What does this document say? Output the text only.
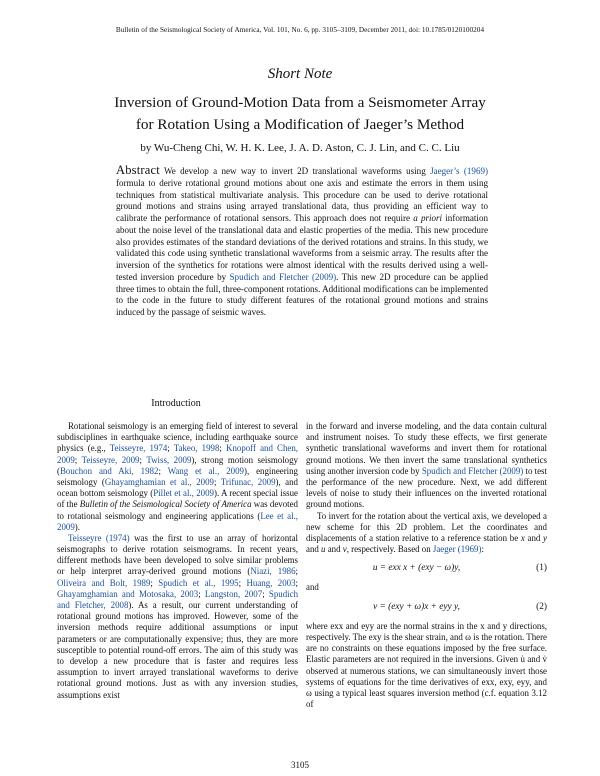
Bulletin of the Seismological Society of America, Vol. 101, No. 6, pp. 3105–3109, December 2011, doi: 10.1785/0120100204
Short Note
Inversion of Ground-Motion Data from a Seismometer Array
for Rotation Using a Modification of Jaeger’s Method
by Wu-Cheng Chi, W. H. K. Lee, J. A. D. Aston, C. J. Lin, and C. C. Liu
Abstract We develop a new way to invert 2D translational waveforms using Jaeger’s (1969) formula to derive rotational ground motions about one axis and estimate the errors in them using techniques from statistical multivariate analysis. This procedure can be used to derive rotational ground motions and strains using arrayed translational data, thus providing an efficient way to calibrate the performance of rotational sensors. This approach does not require a priori information about the noise level of the translational data and elastic properties of the media. This new procedure also provides estimates of the standard deviations of the derived rotations and strains. In this study, we validated this code using synthetic translational waveforms from a seismic array. The results after the inversion of the synthetics for rotations were almost identical with the results derived using a well-tested inversion procedure by Spudich and Fletcher (2009). This new 2D procedure can be applied three times to obtain the full, three-component rotations. Additional modifications can be implemented to the code in the future to study different features of the rotational ground motions and strains induced by the passage of seismic waves.
Introduction

Rotational seismology is an emerging field of interest to several subdisciplines in earthquake science, including earthquake source physics (e.g., Teisseyre, 1974; Takeo, 1998; Knopoff and Chen, 2009; Teisseyre, 2009; Twiss, 2009), strong motion seismology (Bouchon and Aki, 1982; Wang et al., 2009), engineering seismology (Ghayamghamian et al., 2009; Trifunac, 2009), and ocean bottom seismology (Pillet et al., 2009). A recent special issue of the Bulletin of the Seismological Society of America was devoted to rotational seismology and engineering applications (Lee et al., 2009).

Teisseyre (1974) was the first to use an array of horizontal seismographs to derive rotation seismograms. In recent years, different methods have been developed to solve similar problems or help interpret array-derived ground motions (Niazi, 1986; Oliveira and Bolt, 1989; Spudich et al., 1995; Huang, 2003; Ghayamghamian and Motosaka, 2003; Langston, 2007; Spudich and Fletcher, 2008). As a result, our current understanding of rotational ground motions has improved. However, some of the inversion methods require additional assumptions or input parameters or are computationally expensive; thus, they are more susceptible to potential round-off errors. The aim of this study was to develop a new procedure that is faster and requires less assumption to invert arrayed translational waveforms to derive rotational ground motions. Just as with any inversion studies, assumptions exist

in the forward and inverse modeling, and the data contain cultural and instrument noises. To study these effects, we first generate synthetic translational waveforms and invert them for rotational ground motions. We then invert the same translational synthetics using another inversion code by Spudich and Fletcher (2009) to test the performance of the new procedure. Next, we add different levels of noise to study their influences on the inverted rotational ground motions.

To invert for the rotation about the vertical axis, we developed a new scheme for this 2D problem. Let the coordinates and displacements of a station relative to a reference station be x and y and u and v, respectively. Based on Jaeger (1969):

u = exx x + (exy − ω)y,	(1)

and

v = (exy + ω)x + eyy y,	(2)

where exx and eyy are the normal strains in the x and y directions, respectively. The exy is the shear strain, and ω is the rotation. There are no constraints on these equations imposed by the free surface. Elastic parameters are not required in the inversions. Given u̇ and v̇ observed at numerous stations, we can simultaneously invert those systems of equations for the time derivatives of exx, exy, eyy, and ω using a typical least squares inversion method (c.f. equation 3.12 of

3105
